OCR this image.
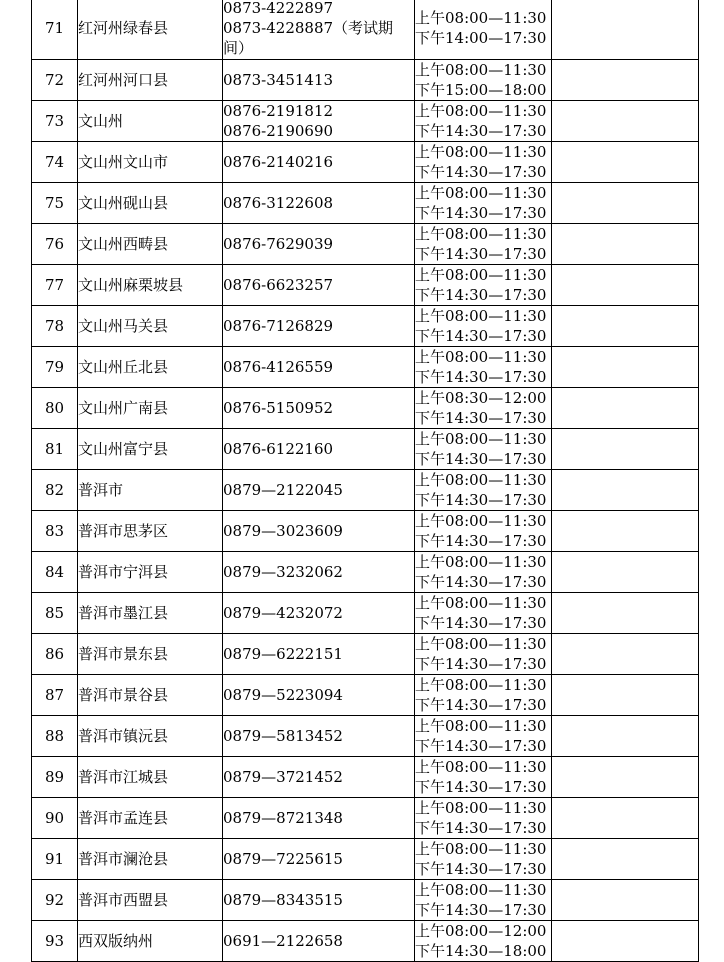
71	红河州绿春县	0873-4222897
0873-4228887（考试期间）	上午08:00—11:30
下午14:00—17:30	

72	红河州河口县	0873-3451413	上午08:00—11:30
下午15:00—18:00	

73	文山州	0876-2191812
0876-2190690	上午08:00—11:30
下午14:30—17:30	

74	文山州文山市	0876-2140216	上午08:00—11:30
下午14:30—17:30	

75	文山州砚山县	0876-3122608	上午08:00—11:30
下午14:30—17:30	

76	文山州西畴县	0876-7629039	上午08:00—11:30
下午14:30—17:30	

77	文山州麻栗坡县	0876-6623257	上午08:00—11:30
下午14:30—17:30	

78	文山州马关县	0876-7126829	上午08:00—11:30
下午14:30—17:30	

79	文山州丘北县	0876-4126559	上午08:00—11:30
下午14:30—17:30	

80	文山州广南县	0876-5150952	上午08:30—12:00
下午14:30—17:30	

81	文山州富宁县	0876-6122160	上午08:00—11:30
下午14:30—17:30	

82	普洱市	0879—2122045	上午08:00—11:30
下午14:30—17:30	

83	普洱市思茅区	0879—3023609	上午08:00—11:30
下午14:30—17:30	

84	普洱市宁洱县	0879—3232062	上午08:00—11:30
下午14:30—17:30	

85	普洱市墨江县	0879—4232072	上午08:00—11:30
下午14:30—17:30	

86	普洱市景东县	0879—6222151	上午08:00—11:30
下午14:30—17:30	

87	普洱市景谷县	0879—5223094	上午08:00—11:30
下午14:30—17:30	

88	普洱市镇沅县	0879—5813452	上午08:00—11:30
下午14:30—17:30	

89	普洱市江城县	0879—3721452	上午08:00—11:30
下午14:30—17:30	

90	普洱市孟连县	0879—8721348	上午08:00—11:30
下午14:30—17:30	

91	普洱市澜沧县	0879—7225615	上午08:00—11:30
下午14:30—17:30	

92	普洱市西盟县	0879—8343515	上午08:00—11:30
下午14:30—17:30	

93	西双版纳州	0691—2122658	上午08:00—12:00
下午14:30—18:00	
